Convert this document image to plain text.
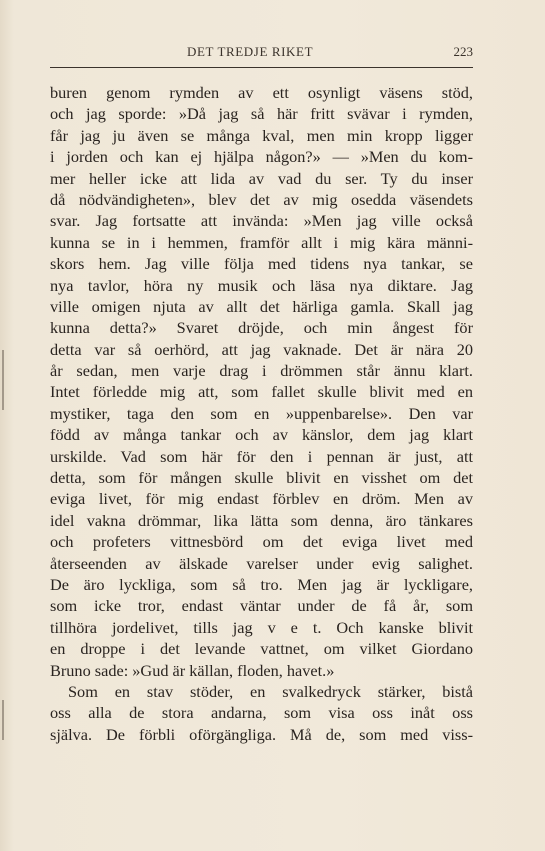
DET TREDJE RIKET	223
buren genom rymden av ett osynligt väsens stöd,
och jag sporde: »Då jag så här fritt svävar i rymden,
får jag ju även se många kval, men min kropp ligger
i jorden och kan ej hjälpa någon?» — »Men du kom-
mer heller icke att lida av vad du ser. Ty du inser
då nödvändigheten», blev det av mig osedda väsendets
svar. Jag fortsatte att invända: »Men jag ville också
kunna se in i hemmen, framför allt i mig kära männi-
skors hem. Jag ville följa med tidens nya tankar, se
nya tavlor, höra ny musik och läsa nya diktare. Jag
ville omigen njuta av allt det härliga gamla. Skall jag
kunna detta?» Svaret dröjde, och min ångest för
detta var så oerhörd, att jag vaknade. Det är nära 20
år sedan, men varje drag i drömmen står ännu klart.
Intet förledde mig att, som fallet skulle blivit med en
mystiker, taga den som en »uppenbarelse». Den var
född av många tankar och av känslor, dem jag klart
urskilde. Vad som här för den i pennan är just, att
detta, som för mången skulle blivit en visshet om det
eviga livet, för mig endast förblev en dröm. Men av
idel vakna drömmar, lika lätta som denna, äro tänkares
och profeters vittnesbörd om det eviga livet med
återseenden av älskade varelser under evig salighet.
De äro lyckliga, som så tro. Men jag är lyckligare,
som icke tror, endast väntar under de få år, som
tillhöra jordelivet, tills jag v e t. Och kanske blivit
en droppe i det levande vattnet, om vilket Giordano
Bruno sade: »Gud är källan, floden, havet.»
Som en stav stöder, en svalkedryck stärker, bistå
oss alla de stora andarna, som visa oss inåt oss
själva. De förbli oförgängliga. Må de, som med viss-
